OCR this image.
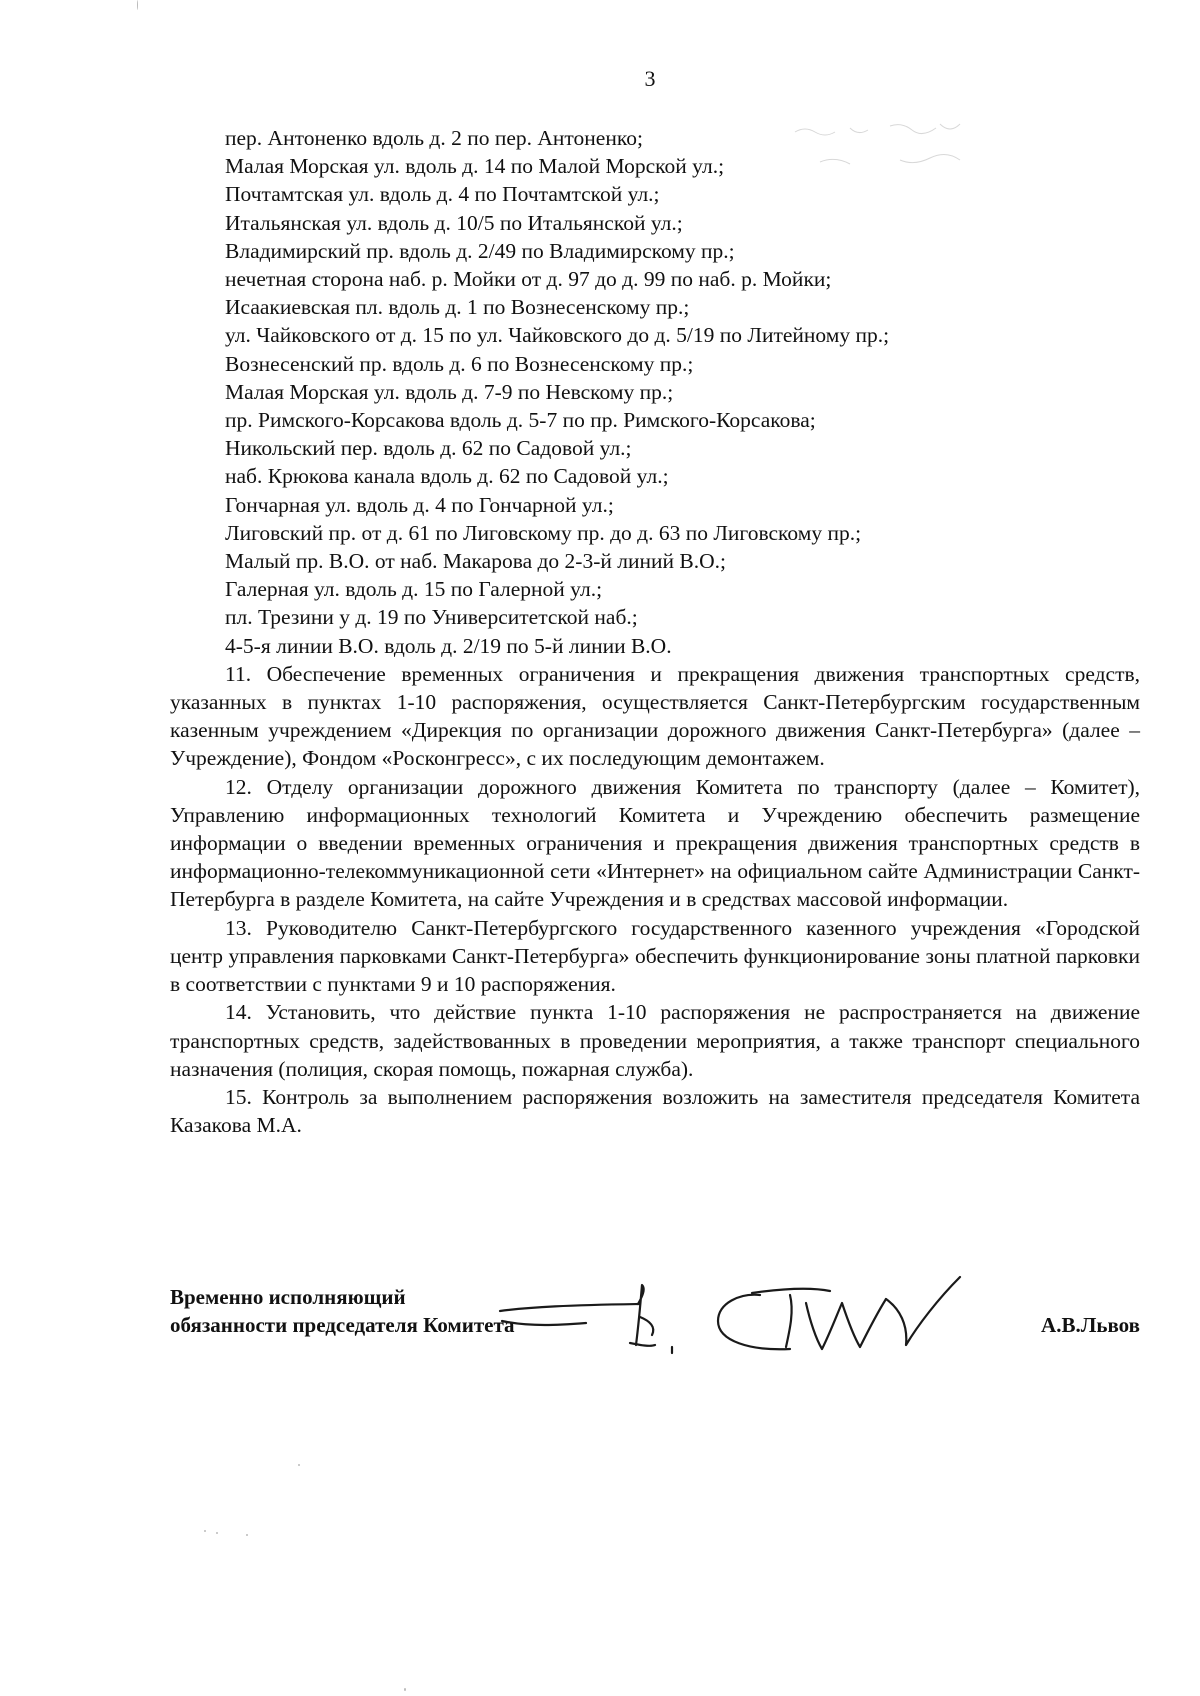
3
пер. Антоненко вдоль д. 2 по пер. Антоненко;
Малая Морская ул. вдоль д. 14 по Малой Морской ул.;
Почтамтская ул. вдоль д. 4 по Почтамтской ул.;
Итальянская ул. вдоль д. 10/5 по Итальянской ул.;
Владимирский пр. вдоль д. 2/49 по Владимирскому пр.;
нечетная сторона наб. р. Мойки от д. 97 до д. 99 по наб. р. Мойки;
Исаакиевская пл. вдоль д. 1 по Вознесенскому пр.;
ул. Чайковского от д. 15 по ул. Чайковского до д. 5/19 по Литейному пр.;
Вознесенский пр. вдоль д. 6 по Вознесенскому пр.;
Малая Морская ул. вдоль д. 7-9 по Невскому пр.;
пр. Римского-Корсакова вдоль д. 5-7 по пр. Римского-Корсакова;
Никольский пер. вдоль д. 62 по Садовой ул.;
наб. Крюкова канала вдоль д. 62 по Садовой ул.;
Гончарная ул. вдоль д. 4 по Гончарной ул.;
Лиговский пр. от д. 61 по Лиговскому пр. до д. 63 по Лиговскому пр.;
Малый пр. В.О. от наб. Макарова до 2-3-й линий В.О.;
Галерная ул. вдоль д. 15 по Галерной ул.;
пл. Трезини у д. 19 по Университетской наб.;
4-5-я линии В.О. вдоль д. 2/19 по 5-й линии В.О.

11. Обеспечение временных ограничения и прекращения движения транспортных средств, указанных в пунктах 1-10 распоряжения, осуществляется Санкт-Петербургским государственным казенным учреждением «Дирекция по организации дорожного движения Санкт-Петербурга» (далее – Учреждение), Фондом «Росконгресс», с их последующим демонтажем.

12. Отделу организации дорожного движения Комитета по транспорту (далее – Комитет), Управлению информационных технологий Комитета и Учреждению обеспечить размещение информации о введении временных ограничения и прекращения движения транспортных средств в информационно-телекоммуникационной сети «Интернет» на официальном сайте Администрации Санкт-Петербурга в разделе Комитета, на сайте Учреждения и в средствах массовой информации.

13. Руководителю Санкт-Петербургского государственного казенного учреждения «Городской центр управления парковками Санкт-Петербурга» обеспечить функционирование зоны платной парковки в соответствии с пунктами 9 и 10 распоряжения.

14. Установить, что действие пункта 1-10 распоряжения не распространяется на движение транспортных средств, задействованных в проведении мероприятия, а также транспорт специального назначения (полиция, скорая помощь, пожарная служба).

15. Контроль за выполнением распоряжения возложить на заместителя председателя Комитета Казакова М.А.

Временно исполняющий
обязанности председателя Комитета	А.В.Львов
